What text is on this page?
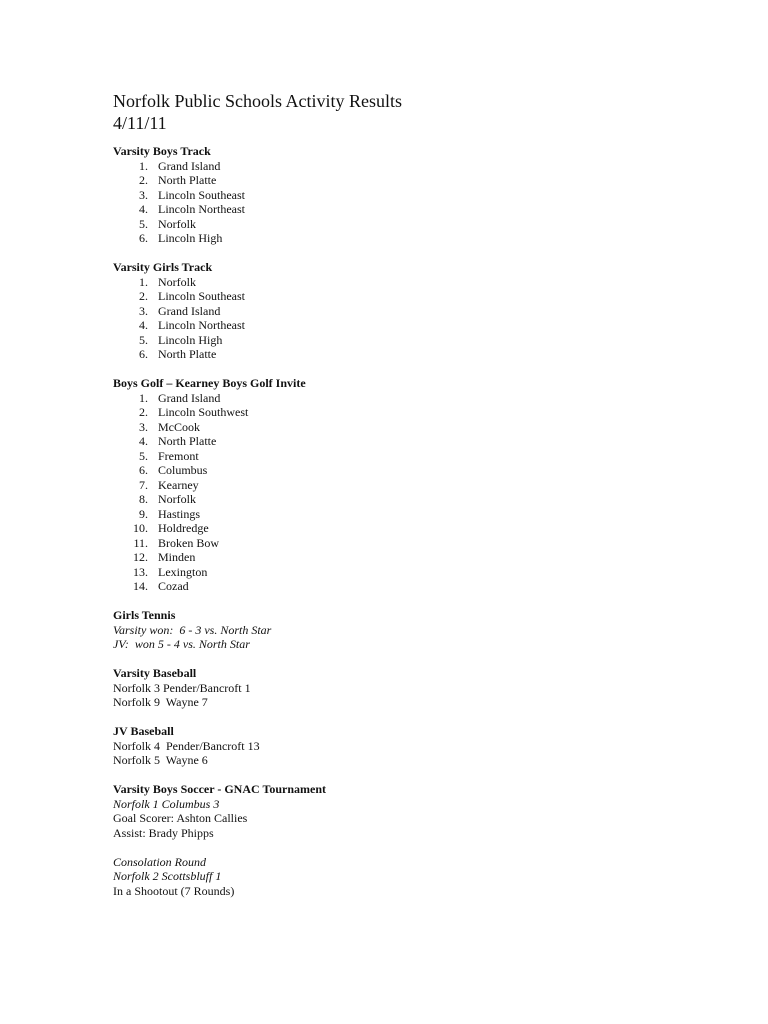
Norfolk Public Schools Activity Results
4/11/11
Varsity Boys Track
1. Grand Island
2. North Platte
3. Lincoln Southeast
4. Lincoln Northeast
5. Norfolk
6. Lincoln High
Varsity Girls Track
1. Norfolk
2. Lincoln Southeast
3. Grand Island
4. Lincoln Northeast
5. Lincoln High
6. North Platte
Boys Golf – Kearney Boys Golf Invite
1. Grand Island
2. Lincoln Southwest
3. McCook
4. North Platte
5. Fremont
6. Columbus
7. Kearney
8. Norfolk
9. Hastings
10. Holdredge
11. Broken Bow
12. Minden
13. Lexington
14. Cozad
Girls Tennis
Varsity won:  6 - 3 vs. North Star
JV:  won 5 - 4 vs. North Star
Varsity Baseball
Norfolk 3 Pender/Bancroft 1
Norfolk 9  Wayne 7
JV Baseball
Norfolk 4  Pender/Bancroft 13
Norfolk 5  Wayne 6
Varsity Boys Soccer - GNAC Tournament
Norfolk 1 Columbus 3
Goal Scorer: Ashton Callies
Assist: Brady Phipps
Consolation Round
Norfolk 2 Scottsbluff 1
In a Shootout (7 Rounds)
